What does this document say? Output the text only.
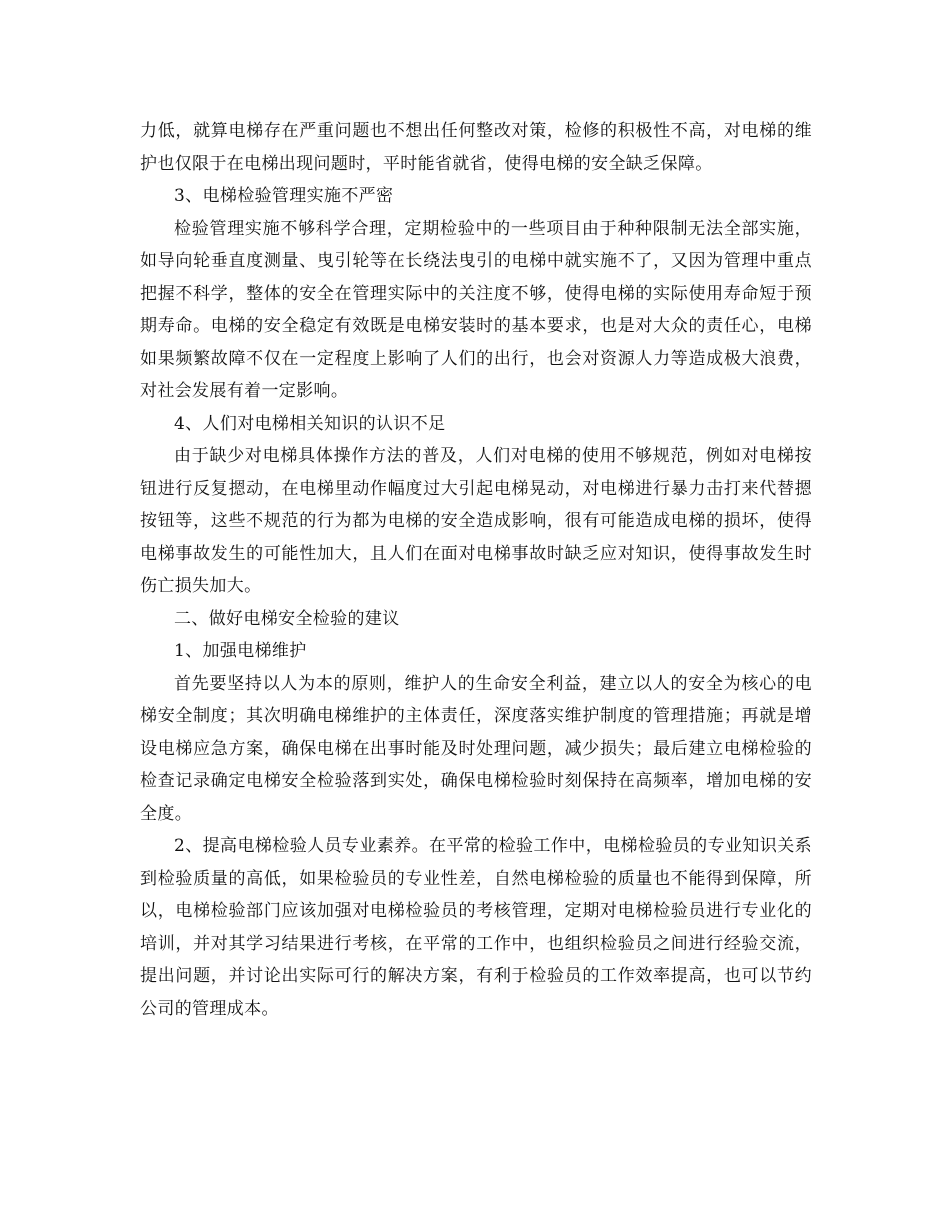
力低，就算电梯存在严重问题也不想出任何整改对策，检修的积极性不高，对电梯的维护也仅限于在电梯出现问题时，平时能省就省，使得电梯的安全缺乏保障。

3、电梯检验管理实施不严密

检验管理实施不够科学合理，定期检验中的一些项目由于种种限制无法全部实施，如导向轮垂直度测量、曳引轮等在长绕法曳引的电梯中就实施不了，又因为管理中重点把握不科学，整体的安全在管理实际中的关注度不够，使得电梯的实际使用寿命短于预期寿命。电梯的安全稳定有效既是电梯安装时的基本要求，也是对大众的责任心，电梯如果频繁故障不仅在一定程度上影响了人们的出行，也会对资源人力等造成极大浪费，对社会发展有着一定影响。

4、人们对电梯相关知识的认识不足

由于缺少对电梯具体操作方法的普及，人们对电梯的使用不够规范，例如对电梯按钮进行反复摁动，在电梯里动作幅度过大引起电梯晃动，对电梯进行暴力击打来代替摁按钮等，这些不规范的行为都为电梯的安全造成影响，很有可能造成电梯的损坏，使得电梯事故发生的可能性加大，且人们在面对电梯事故时缺乏应对知识，使得事故发生时伤亡损失加大。

二、做好电梯安全检验的建议

1、加强电梯维护

首先要坚持以人为本的原则，维护人的生命安全利益，建立以人的安全为核心的电梯安全制度；其次明确电梯维护的主体责任，深度落实维护制度的管理措施；再就是增设电梯应急方案，确保电梯在出事时能及时处理问题，减少损失；最后建立电梯检验的检查记录确定电梯安全检验落到实处，确保电梯检验时刻保持在高频率，增加电梯的安全度。

2、提高电梯检验人员专业素养。在平常的检验工作中，电梯检验员的专业知识关系到检验质量的高低，如果检验员的专业性差，自然电梯检验的质量也不能得到保障，所以，电梯检验部门应该加强对电梯检验员的考核管理，定期对电梯检验员进行专业化的培训，并对其学习结果进行考核，在平常的工作中，也组织检验员之间进行经验交流，提出问题，并讨论出实际可行的解决方案，有利于检验员的工作效率提高，也可以节约公司的管理成本。
